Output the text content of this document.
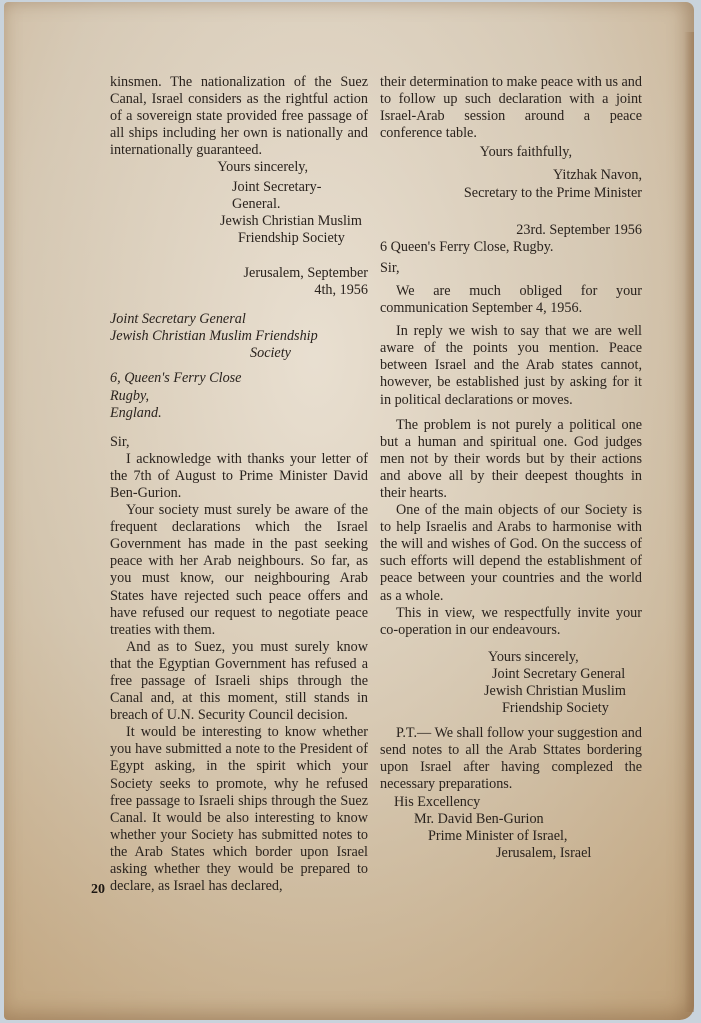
kinsmen. The nationalization of the Suez Canal, Israel considers as the rightful action of a sovereign state provided free passage of all ships including her own is nationally and internationally guaranteed.

Yours sincerely,

Joint Secretary-General.
Jewish Christian Muslim
Friendship Society
Jerusalem, September
4th, 1956
Joint Secretary General
Jewish Christian Muslim Friendship
Society
6, Queen's Ferry Close
Rugby,
England.

Sir,

I acknowledge with thanks your letter of the 7th of August to Prime Minister David Ben-Gurion.

Your society must surely be aware of the frequent declarations which the Israel Government has made in the past seeking peace with her Arab neighbours. So far, as you must know, our neighbouring Arab States have rejected such peace offers and have refused our request to negotiate peace treaties with them.

And as to Suez, you must surely know that the Egyptian Government has refused a free passage of Israeli ships through the Canal and, at this moment, still stands in breach of U.N. Security Council decision.

It would be interesting to know whether you have submitted a note to the President of Egypt asking, in the spirit which your Society seeks to promote, why he refused free passage to Israeli ships through the Suez Canal. It would be also interesting to know whether your Society has submitted notes to the Arab States which border upon Israel asking whether they would be prepared to declare, as Israel has declared,

their determination to make peace with us and to follow up such declaration with a joint Israel-Arab session around a peace conference table.

Yours faithfully,

Yitzhak Navon,
Secretary to the Prime Minister

23rd. September 1956

6 Queen's Ferry Close, Rugby.

Sir,

We are much obliged for your communication September 4, 1956.

In reply we wish to say that we are well aware of the points you mention. Peace between Israel and the Arab states cannot, however, be established just by asking for it in political declarations or moves.

The problem is not purely a political one but a human and spiritual one. God judges men not by their words but by their actions and above all by their deepest thoughts in their hearts.

One of the main objects of our Society is to help Israelis and Arabs to harmonise with the will and wishes of God. On the success of such efforts will depend the establishment of peace between your countries and the world as a whole.

This in view, we respectfully invite your co-operation in our endeavours.

Yours sincerely,
Joint Secretary General
Jewish Christian Muslim
Friendship Society

P.T.— We shall follow your suggestion and send notes to all the Arab Sttates bordering upon Israel after having complezed the necessary preparations.

His Excellency
Mr. David Ben-Gurion
Prime Minister of Israel,
Jerusalem, Israel
20
